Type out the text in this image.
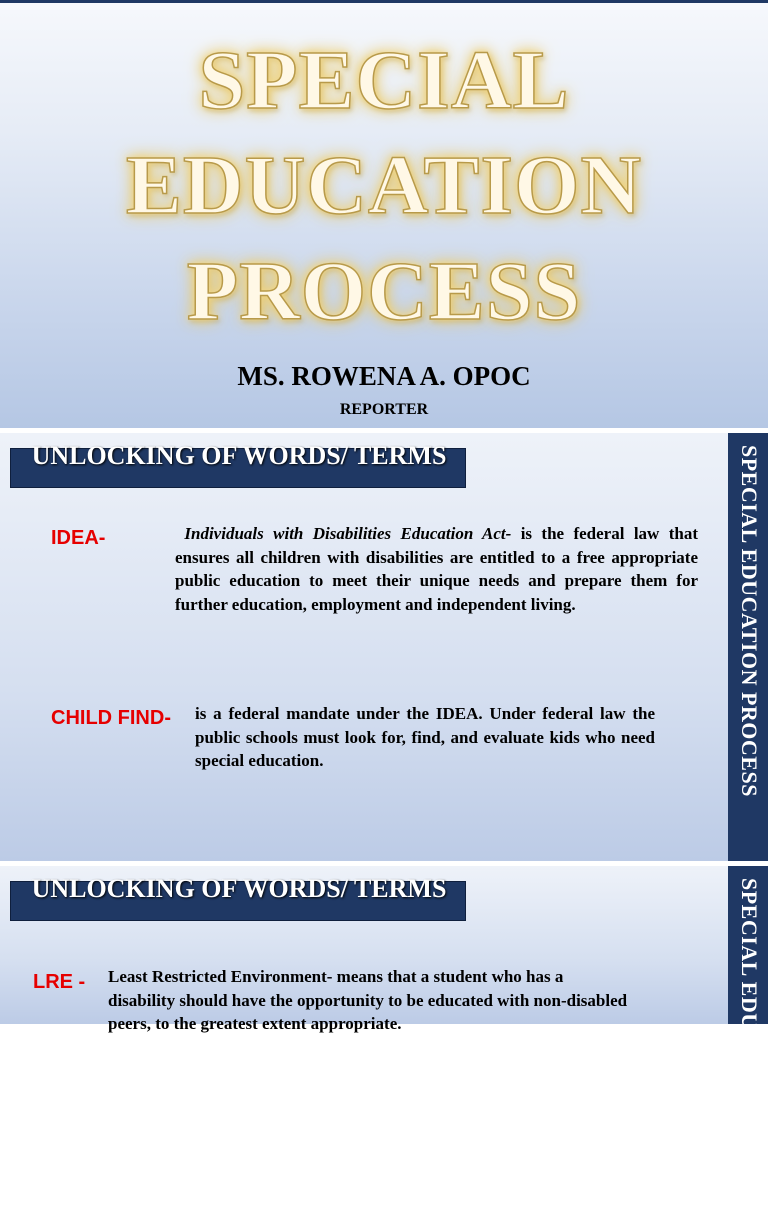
SPECIAL
EDUCATION
PROCESS
MS. ROWENA A. OPOC
REPORTER
UNLOCKING OF WORDS/ TERMS	SPECIAL EDUCATION PROCESS
IDEA-	Individuals with Disabilities Education Act- is the federal law that ensures all children with disabilities are entitled to a free appropriate public education to meet their unique needs and prepare them for further education, employment and independent living.
CHILD FIND- is a federal mandate under the IDEA. Under federal law the public schools must look for, find, and evaluate kids who need special education.
UNLOCKING OF WORDS/ TERMS	SPECIAL EDUCATION PROCESS
LRE - Least Restricted Environment- means that a student who has a disability should have the opportunity to be educated with non-disabled peers, to the greatest extent appropriate.
